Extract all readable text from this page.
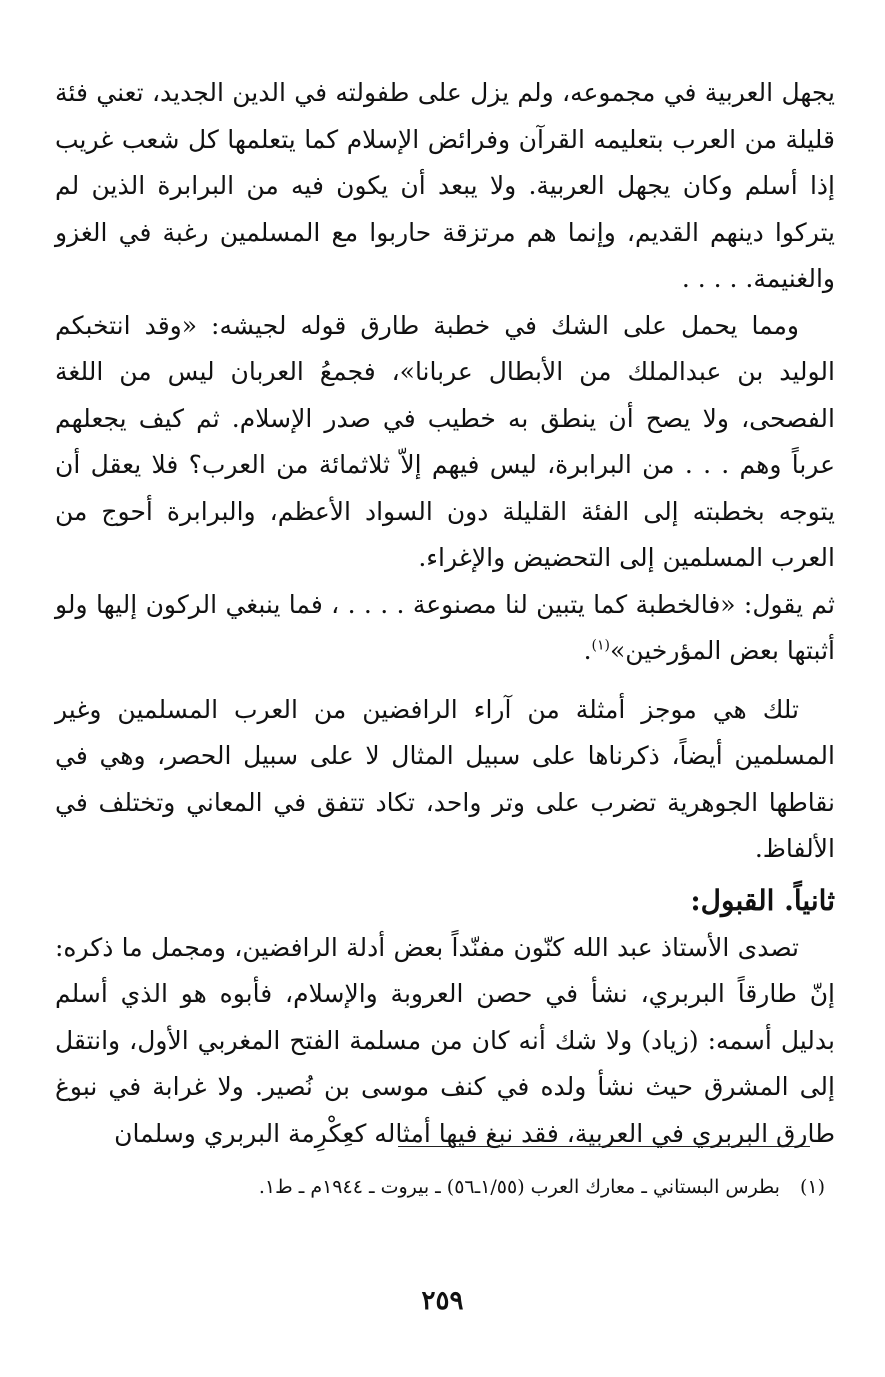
يجهل العربية في مجموعه، ولم يزل على طفولته في الدين الجديد، تعني فئة قليلة من العرب بتعليمه القرآن وفرائض الإسلام كما يتعلمها كل شعب غريب إذا أسلم وكان يجهل العربية. ولا يبعد أن يكون فيه من البرابرة الذين لم يتركوا دينهم القديم، وإنما هم مرتزقة حاربوا مع المسلمين رغبة في الغزو والغنيمة. . . . .

ومما يحمل على الشك في خطبة طارق قوله لجيشه: «وقد انتخبكم الوليد بن عبدالملك من الأبطال عربانا»، فجمعُ العربان ليس من اللغة الفصحى، ولا يصح أن ينطق به خطيب في صدر الإسلام. ثم كيف يجعلهم عرباً وهم . . . من البرابرة، ليس فيهم إلاّ ثلاثمائة من العرب؟ فلا يعقل أن يتوجه بخطبته إلى الفئة القليلة دون السواد الأعظم، والبرابرة أحوج من العرب المسلمين إلى التحضيض والإغراء.

ثم يقول: «فالخطبة كما يتبين لنا مصنوعة . . . . ، فما ينبغي الركون إليها ولو أثبتها بعض المؤرخين»$^{(١)}$.

تلك هي موجز أمثلة من آراء الرافضين من العرب المسلمين وغير المسلمين أيضاً، ذكرناها على سبيل المثال لا على سبيل الحصر، وهي في نقاطها الجوهرية تضرب على وتر واحد، تكاد تتفق في المعاني وتختلف في الألفاظ.

ثانياً. القبول:

تصدى الأستاذ عبد الله كنّون مفنّداً بعض أدلة الرافضين، ومجمل ما ذكره: إنّ طارقاً البربري، نشأ في حصن العروبة والإسلام، فأبوه هو الذي أسلم بدليل أسمه: (زياد) ولا شك أنه كان من مسلمة الفتح المغربي الأول، وانتقل إلى المشرق حيث نشأ ولده في كنف موسى بن نُصير. ولا غرابة في نبوغ طارق البربري في العربية، فقد نبغ فيها أمثاله كعِكْرِمة البربري وسلمان

(١)بطرس البستاني ـ معارك العرب (١/٥٥ـ٥٦) ـ بيروت ـ ١٩٤٤م ـ ط١.
٢٥٩
